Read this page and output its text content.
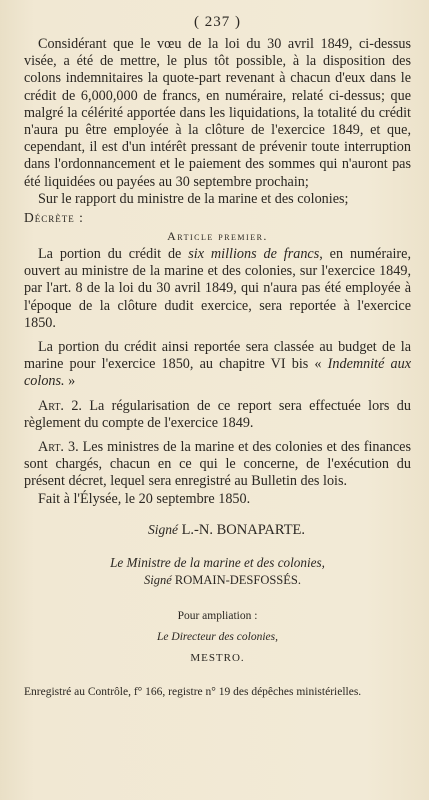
( 237 )

Considérant que le vœu de la loi du 30 avril 1849, ci-dessus visée, a été de mettre, le plus tôt possible, à la disposition des colons indemnitaires la quote-part revenant à chacun d'eux dans le crédit de 6,000,000 de francs, en numéraire, relaté ci-dessus; que malgré la célérité apportée dans les liquidations, la totalité du crédit n'aura pu être employée à la clôture de l'exercice 1849, et que, cependant, il est d'un intérêt pressant de prévenir toute interruption dans l'ordonnancement et le paiement des sommes qui n'auront pas été liquidées ou payées au 30 septembre prochain;

Sur le rapport du ministre de la marine et des colonies;

Décrète :
Article premier.

La portion du crédit de six millions de francs, en numéraire, ouvert au ministre de la marine et des colonies, sur l'exercice 1849, par l'art. 8 de la loi du 30 avril 1849, qui n'aura pas été employée à l'époque de la clôture dudit exercice, sera reportée à l'exercice 1850.

La portion du crédit ainsi reportée sera classée au budget de la marine pour l'exercice 1850, au chapitre VI bis « Indemnité aux colons. »

Art. 2. La régularisation de ce report sera effectuée lors du règlement du compte de l'exercice 1849.

Art. 3. Les ministres de la marine et des colonies et des finances sont chargés, chacun en ce qui le concerne, de l'exécution du présent décret, lequel sera enregistré au Bulletin des lois.

Fait à l'Élysée, le 20 septembre 1850.

Signé L.-N. BONAPARTE.
Le Ministre de la marine et des colonies,
Signé ROMAIN-DESFOSSÉS.
Pour ampliation :
Le Directeur des colonies,
MESTRO.
Enregistré au Contrôle, f° 166, registre n° 19 des dépêches ministérielles.
